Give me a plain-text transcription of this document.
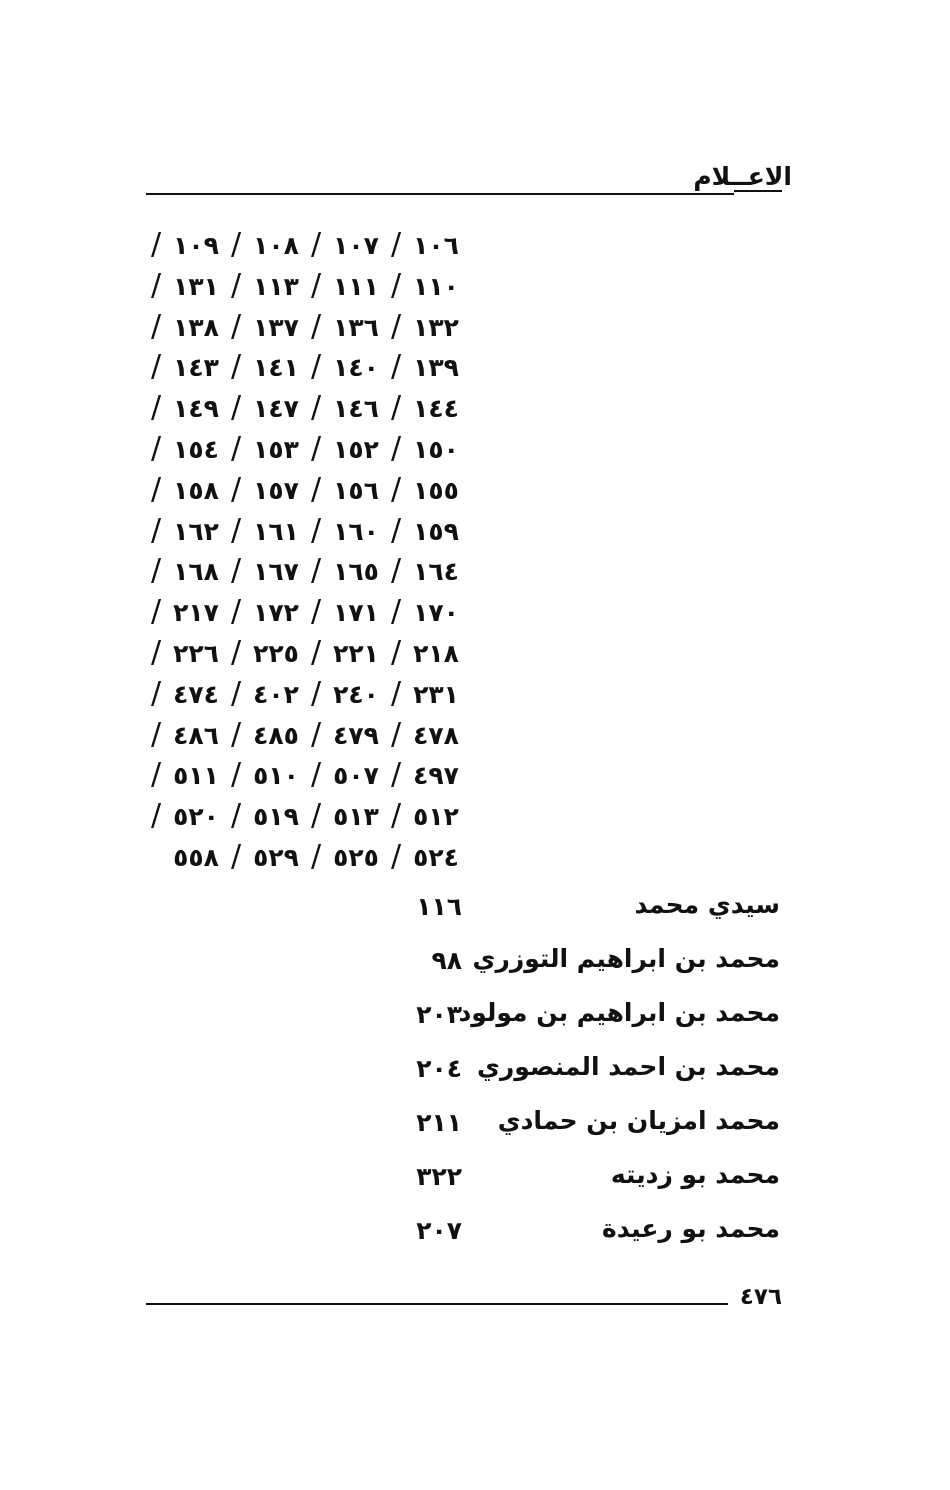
الاعــلام
١٠٦/١٠٧/١٠٨/١٠٩/
١١٠/١١١/١١٣/١٣١/
١٣٢/١٣٦/١٣٧/١٣٨/
١٣٩/١٤٠/١٤١/١٤٣/
١٤٤/١٤٦/١٤٧/١٤٩/
١٥٠/١٥٢/١٥٣/١٥٤/
١٥٥/١٥٦/١٥٧/١٥٨/
١٥٩/١٦٠/١٦١/١٦٢/
١٦٤/١٦٥/١٦٧/١٦٨/
١٧٠/١٧١/١٧٢/٢١٧/
٢١٨/٢٢١/٢٢٥/٢٢٦/
٢٣١/٢٤٠/٤٠٢/٤٧٤/
٤٧٨/٤٧٩/٤٨٥/٤٨٦/
٤٩٧/٥٠٧/٥١٠/٥١١/
٥١٢/٥١٣/٥١٩/٥٢٠/
٥٢٤/٥٢٥/٥٢٩/٥٥٨
سيدي محمد
١١٦
محمد بن ابراهيم التوزري
٩٨
محمد بن ابراهيم بن مولود
٢٠٣
محمد بن احمد المنصوري
٢٠٤
محمد امزيان بن حمادي
٢١١
محمد بو زديته
٣٢٢
محمد بو رعيدة
٢٠٧
٤٧٦
